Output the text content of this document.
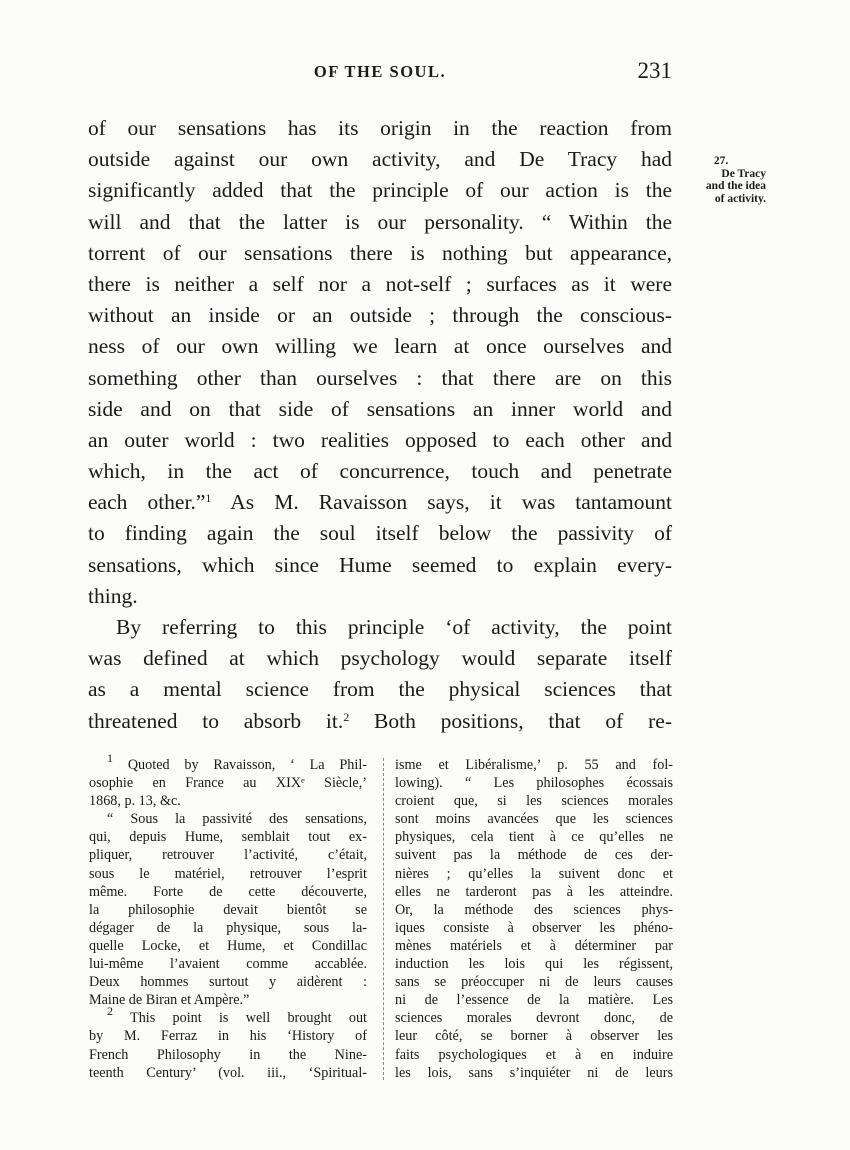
OF THE SOUL.	231
27.
De Tracy
and the idea
of activity.
of our sensations has its origin in the reaction from
outside against our own activity, and De Tracy had
significantly added that the principle of our action is the
will and that the latter is our personality. “ Within the
torrent of our sensations there is nothing but appearance,
there is neither a self nor a not-self ; surfaces as it were
without an inside or an outside ; through the conscious-
ness of our own willing we learn at once ourselves and
something other than ourselves : that there are on this
side and on that side of sensations an inner world and
an outer world : two realities opposed to each other and
which, in the act of concurrence, touch and penetrate
each other.”$^1$ As M. Ravaisson says, it was tantamount
to finding again the soul itself below the passivity of
sensations, which since Hume seemed to explain every-
thing.
By referring to this principle ‘of activity, the point
was defined at which psychology would separate itself
as a mental science from the physical sciences that
threatened to absorb it.$^2$ Both positions, that of re-
$^1$ Quoted by Ravaisson, ‘ La Phil-
osophie en France au XIXᵉ Siècle,’
1868, p. 13, &c.
“ Sous la passivité des sensations,
qui, depuis Hume, semblait tout ex-
pliquer, retrouver l’activité, c’était,
sous le matériel, retrouver l’esprit
même. Forte de cette découverte,
la philosophie devait bientôt se
dégager de la physique, sous la-
quelle Locke, et Hume, et Condillac
lui-même l’avaient comme accablée.
Deux hommes surtout y aidèrent :
Maine de Biran et Ampère.”
$^2$ This point is well brought out
by M. Ferraz in his ‘History of
French Philosophy in the Nine-
teenth Century’ (vol. iii., ‘Spiritual-
isme et Libéralisme,’ p. 55 and fol-
lowing). “ Les philosophes écossais
croient que, si les sciences morales
sont moins avancées que les sciences
physiques, cela tient à ce qu’elles ne
suivent pas la méthode de ces der-
nières ; qu’elles la suivent donc et
elles ne tarderont pas à les atteindre.
Or, la méthode des sciences phys-
iques consiste à observer les phéno-
mènes matériels et à déterminer par
induction les lois qui les régissent,
sans se préoccuper ni de leurs causes
ni de l’essence de la matière. Les
sciences morales devront donc, de
leur côté, se borner à observer les
faits psychologiques et à en induire
les lois, sans s’inquiéter ni de leurs
